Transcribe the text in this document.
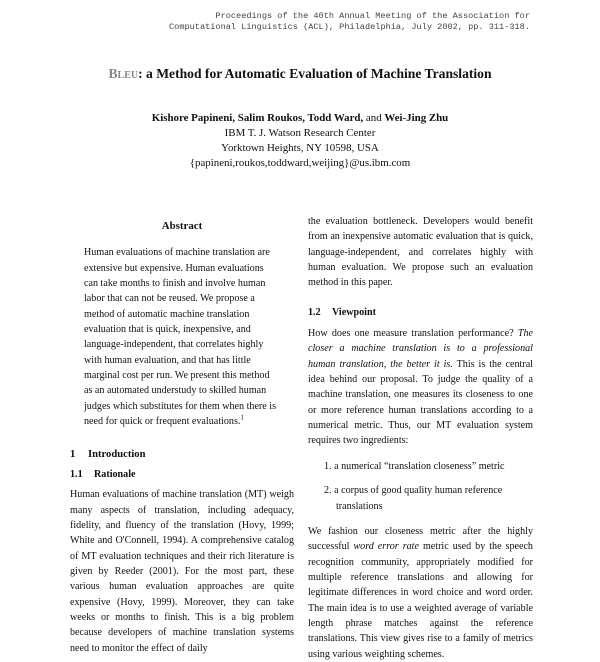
Proceedings of the 40th Annual Meeting of the Association for
Computational Linguistics (ACL), Philadelphia, July 2002, pp. 311-318.
Bleu: a Method for Automatic Evaluation of Machine Translation
Kishore Papineni, Salim Roukos, Todd Ward, and Wei-Jing Zhu
IBM T. J. Watson Research Center
Yorktown Heights, NY 10598, USA
{papineni,roukos,toddward,weijing}@us.ibm.com
Abstract
Human evaluations of machine translation are extensive but expensive. Human evaluations can take months to finish and involve human labor that can not be reused. We propose a method of automatic machine translation evaluation that is quick, inexpensive, and language-independent, that correlates highly with human evaluation, and that has little marginal cost per run. We present this method as an automated understudy to skilled human judges which substitutes for them when there is need for quick or frequent evaluations.$^1$
1 Introduction
1.1 Rationale

Human evaluations of machine translation (MT) weigh many aspects of translation, including adequacy, fidelity, and fluency of the translation (Hovy, 1999; White and O'Connell, 1994). A comprehensive catalog of MT evaluation techniques and their rich literature is given by Reeder (2001). For the most part, these various human evaluation approaches are quite expensive (Hovy, 1999). Moreover, they can take weeks or months to finish. This is a big problem because developers of machine translation systems need to monitor the effect of daily

the evaluation bottleneck. Developers would benefit from an inexpensive automatic evaluation that is quick, language-independent, and correlates highly with human evaluation. We propose such an evaluation method in this paper.

1.2 Viewpoint

How does one measure translation performance? The closer a machine translation is to a professional human translation, the better it is. This is the central idea behind our proposal. To judge the quality of a machine translation, one measures its closeness to one or more reference human translations according to a numerical metric. Thus, our MT evaluation system requires two ingredients:

1. a numerical “translation closeness” metric
2. a corpus of good quality human reference translations

We fashion our closeness metric after the highly successful word error rate metric used by the speech recognition community, appropriately modified for multiple reference translations and allowing for legitimate differences in word choice and word order. The main idea is to use a weighted average of variable length phrase matches against the reference translations. This view gives rise to a family of metrics using various weighting schemes.
